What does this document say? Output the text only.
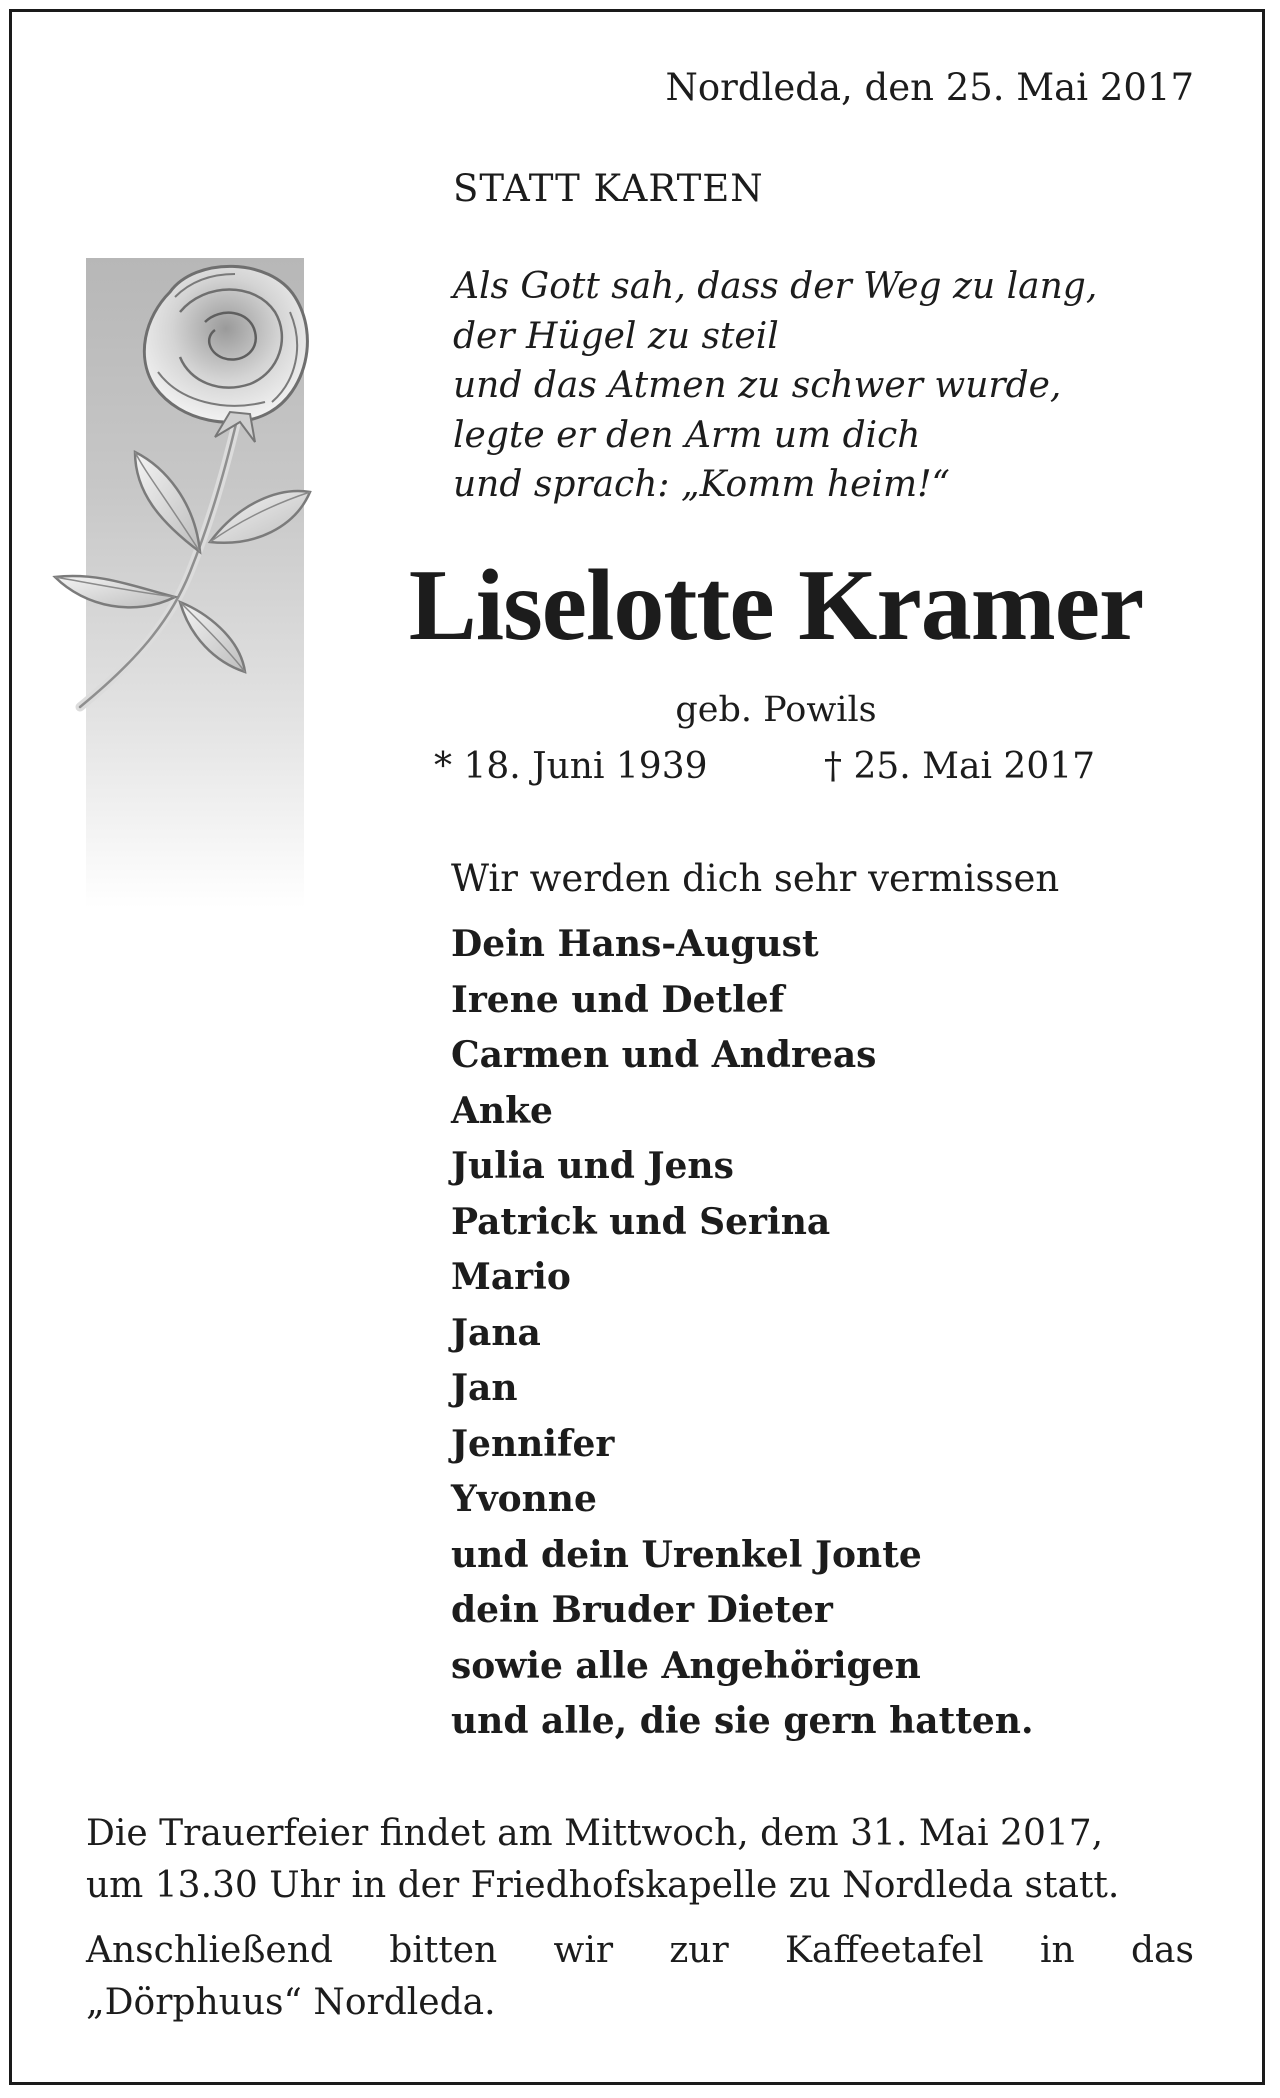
Nordleda, den 25. Mai 2017
STATT KARTEN
Als Gott sah, dass der Weg zu lang,
der Hügel zu steil
und das Atmen zu schwer wurde,
legte er den Arm um dich
und sprach: „Komm heim!“
Liselotte Kramer
geb. Powils
* 18. Juni 1939	† 25. Mai 2017
Wir werden dich sehr vermissen
Dein Hans-August
Irene und Detlef
Carmen und Andreas
Anke
Julia und Jens
Patrick und Serina
Mario
Jana
Jan
Jennifer
Yvonne
und dein Urenkel Jonte
dein Bruder Dieter
sowie alle Angehörigen
und alle, die sie gern hatten.
Die Trauerfeier findet am Mittwoch, dem 31. Mai 2017,
um 13.30 Uhr in der Friedhofskapelle zu Nordleda statt.
Anschließend bitten wir zur Kaffeetafel in das
„Dörphuus“ Nordleda.
